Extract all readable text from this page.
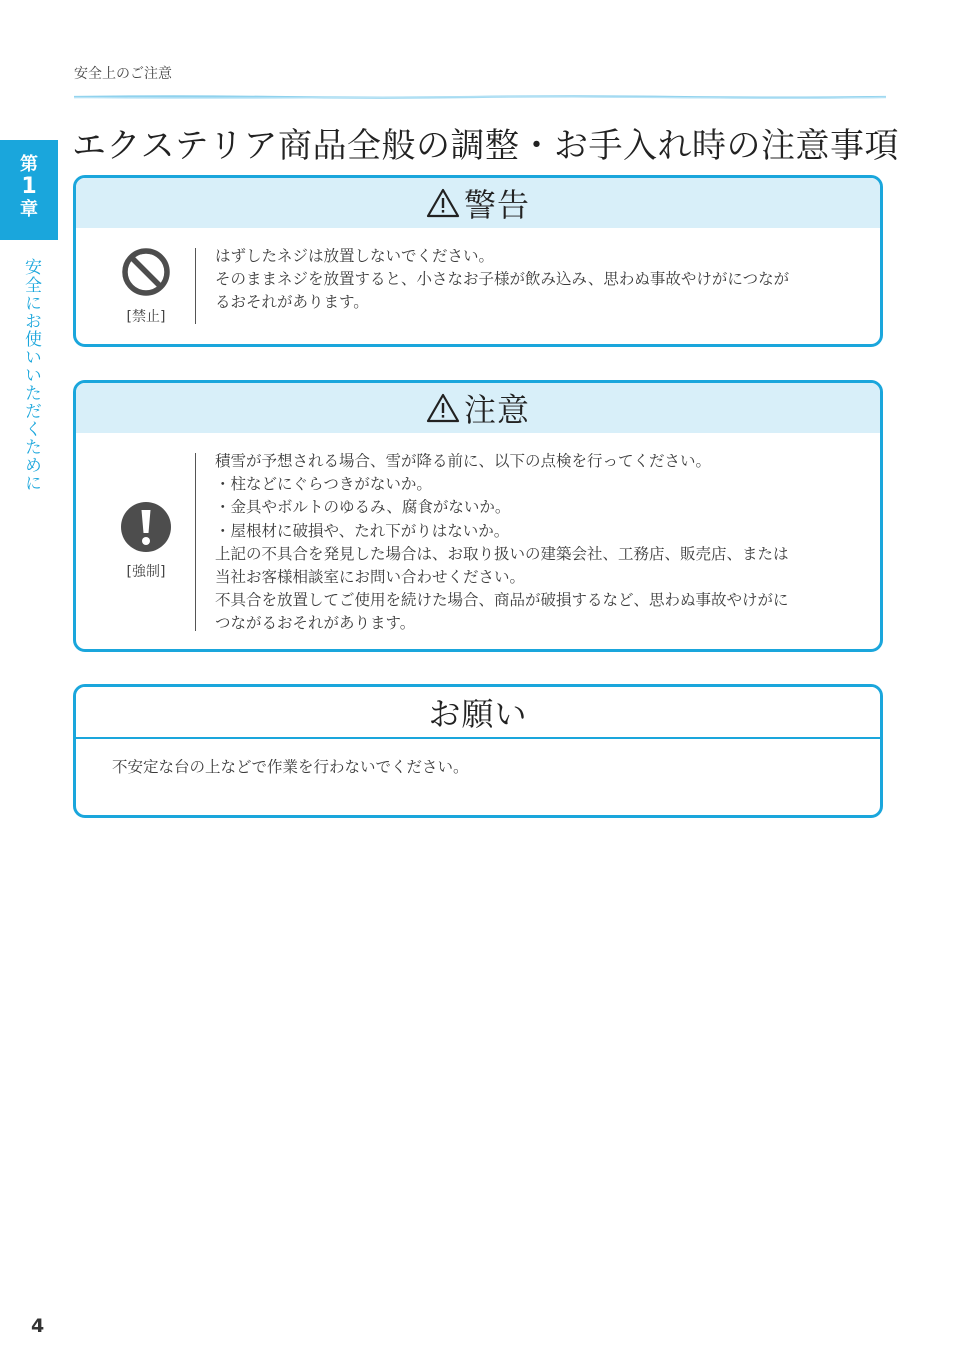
安全上のご注意
エクステリア商品全般の調整・お手入れ時の注意事項
第
1
章
安全にお使いいただくために
警告
[禁止]

はずしたネジは放置しないでください。

そのままネジを放置すると、小さなお子様が飲み込み、思わぬ事故やけがにつなが

るおそれがあります。

注意
[強制]

積雪が予想される場合、雪が降る前に、以下の点検を行ってください。

・柱などにぐらつきがないか。

・金具やボルトのゆるみ、腐食がないか。

・屋根材に破損や、たれ下がりはないか。

上記の不具合を発見した場合は、お取り扱いの建築会社、工務店、販売店、または

当社お客様相談室にお問い合わせください。

不具合を放置してご使用を続けた場合、商品が破損するなど、思わぬ事故やけがに

つながるおそれがあります。

お願い
不安定な台の上などで作業を行わないでください。
4
